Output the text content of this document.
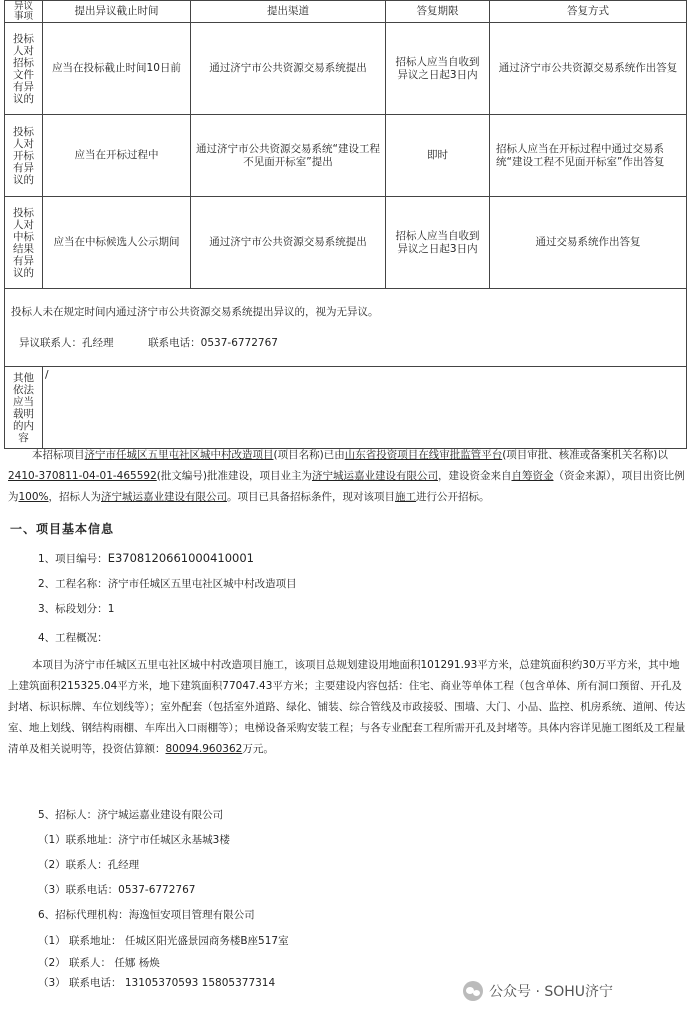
异议事项	提出异议截止时间	提出渠道	答复期限	答复方式

投标人对招标文件有异议的	应当在投标截止时间10日前	通过济宁市公共资源交易系统提出	招标人应当自收到异议之日起3日内	通过济宁市公共资源交易系统作出答复

投标人对开标有异议的	应当在开标过程中	通过济宁市公共资源交易系统“建设工程不见面开标室”提出	即时	招标人应当在开标过程中通过交易系统“建设工程不见面开标室”作出答复

投标人对中标结果有异议的	应当在中标候选人公示期间	通过济宁市公共资源交易系统提出	招标人应当自收到异议之日起3日内	通过交易系统作出答复

投标人未在规定时间内通过济宁市公共资源交易系统提出异议的，视为无异议。
异议联系人：孔经理 联系电话：0537-6772767				

其他依法应当载明的内容	/			
本招标项目济宁市任城区五里屯社区城中村改造项目(项目名称)已由山东省投资项目在线审批监管平台(项目审批、核准或备案机关名称)以2410-370811-04-01-465592(批文编号)批准建设，项目业主为济宁城运嘉业建设有限公司，建设资金来自自筹资金（资金来源），项目出资比例为100%，招标人为济宁城运嘉业建设有限公司。项目已具备招标条件，现对该项目施工进行公开招标。
一、项目基本信息
1、项目编号：E3708120661000410001
2、工程名称：济宁市任城区五里屯社区城中村改造项目
3、标段划分：1
4、工程概况：
本项目为济宁市任城区五里屯社区城中村改造项目施工，该项目总规划建设用地面积101291.93平方米，总建筑面积约30万平方米，其中地上建筑面积215325.04平方米，地下建筑面积77047.43平方米；主要建设内容包括：住宅、商业等单体工程（包含单体、所有洞口预留、开孔及封堵、标识标牌、车位划线等）；室外配套（包括室外道路、绿化、铺装、综合管线及市政接驳、围墙、大门、小品、监控、机房系统、道闸、传达室、地上划线、钢结构雨棚、车库出入口雨棚等）；电梯设备采购安装工程；与各专业配套工程所需开孔及封堵等。具体内容详见施工图纸及工程量清单及相关说明等，投资估算额：80094.960362万元。
5、招标人：济宁城运嘉业建设有限公司
（1）联系地址：济宁市任城区永基城3楼
（2）联系人：孔经理
（3）联系电话：0537-6772767
6、招标代理机构：海逸恒安项目管理有限公司
（1） 联系地址： 任城区阳光盛景园商务楼B座517室
（2） 联系人： 任娜 杨焕
（3） 联系电话： 13105370593 15805377314
公众号 · SOHU济宁
